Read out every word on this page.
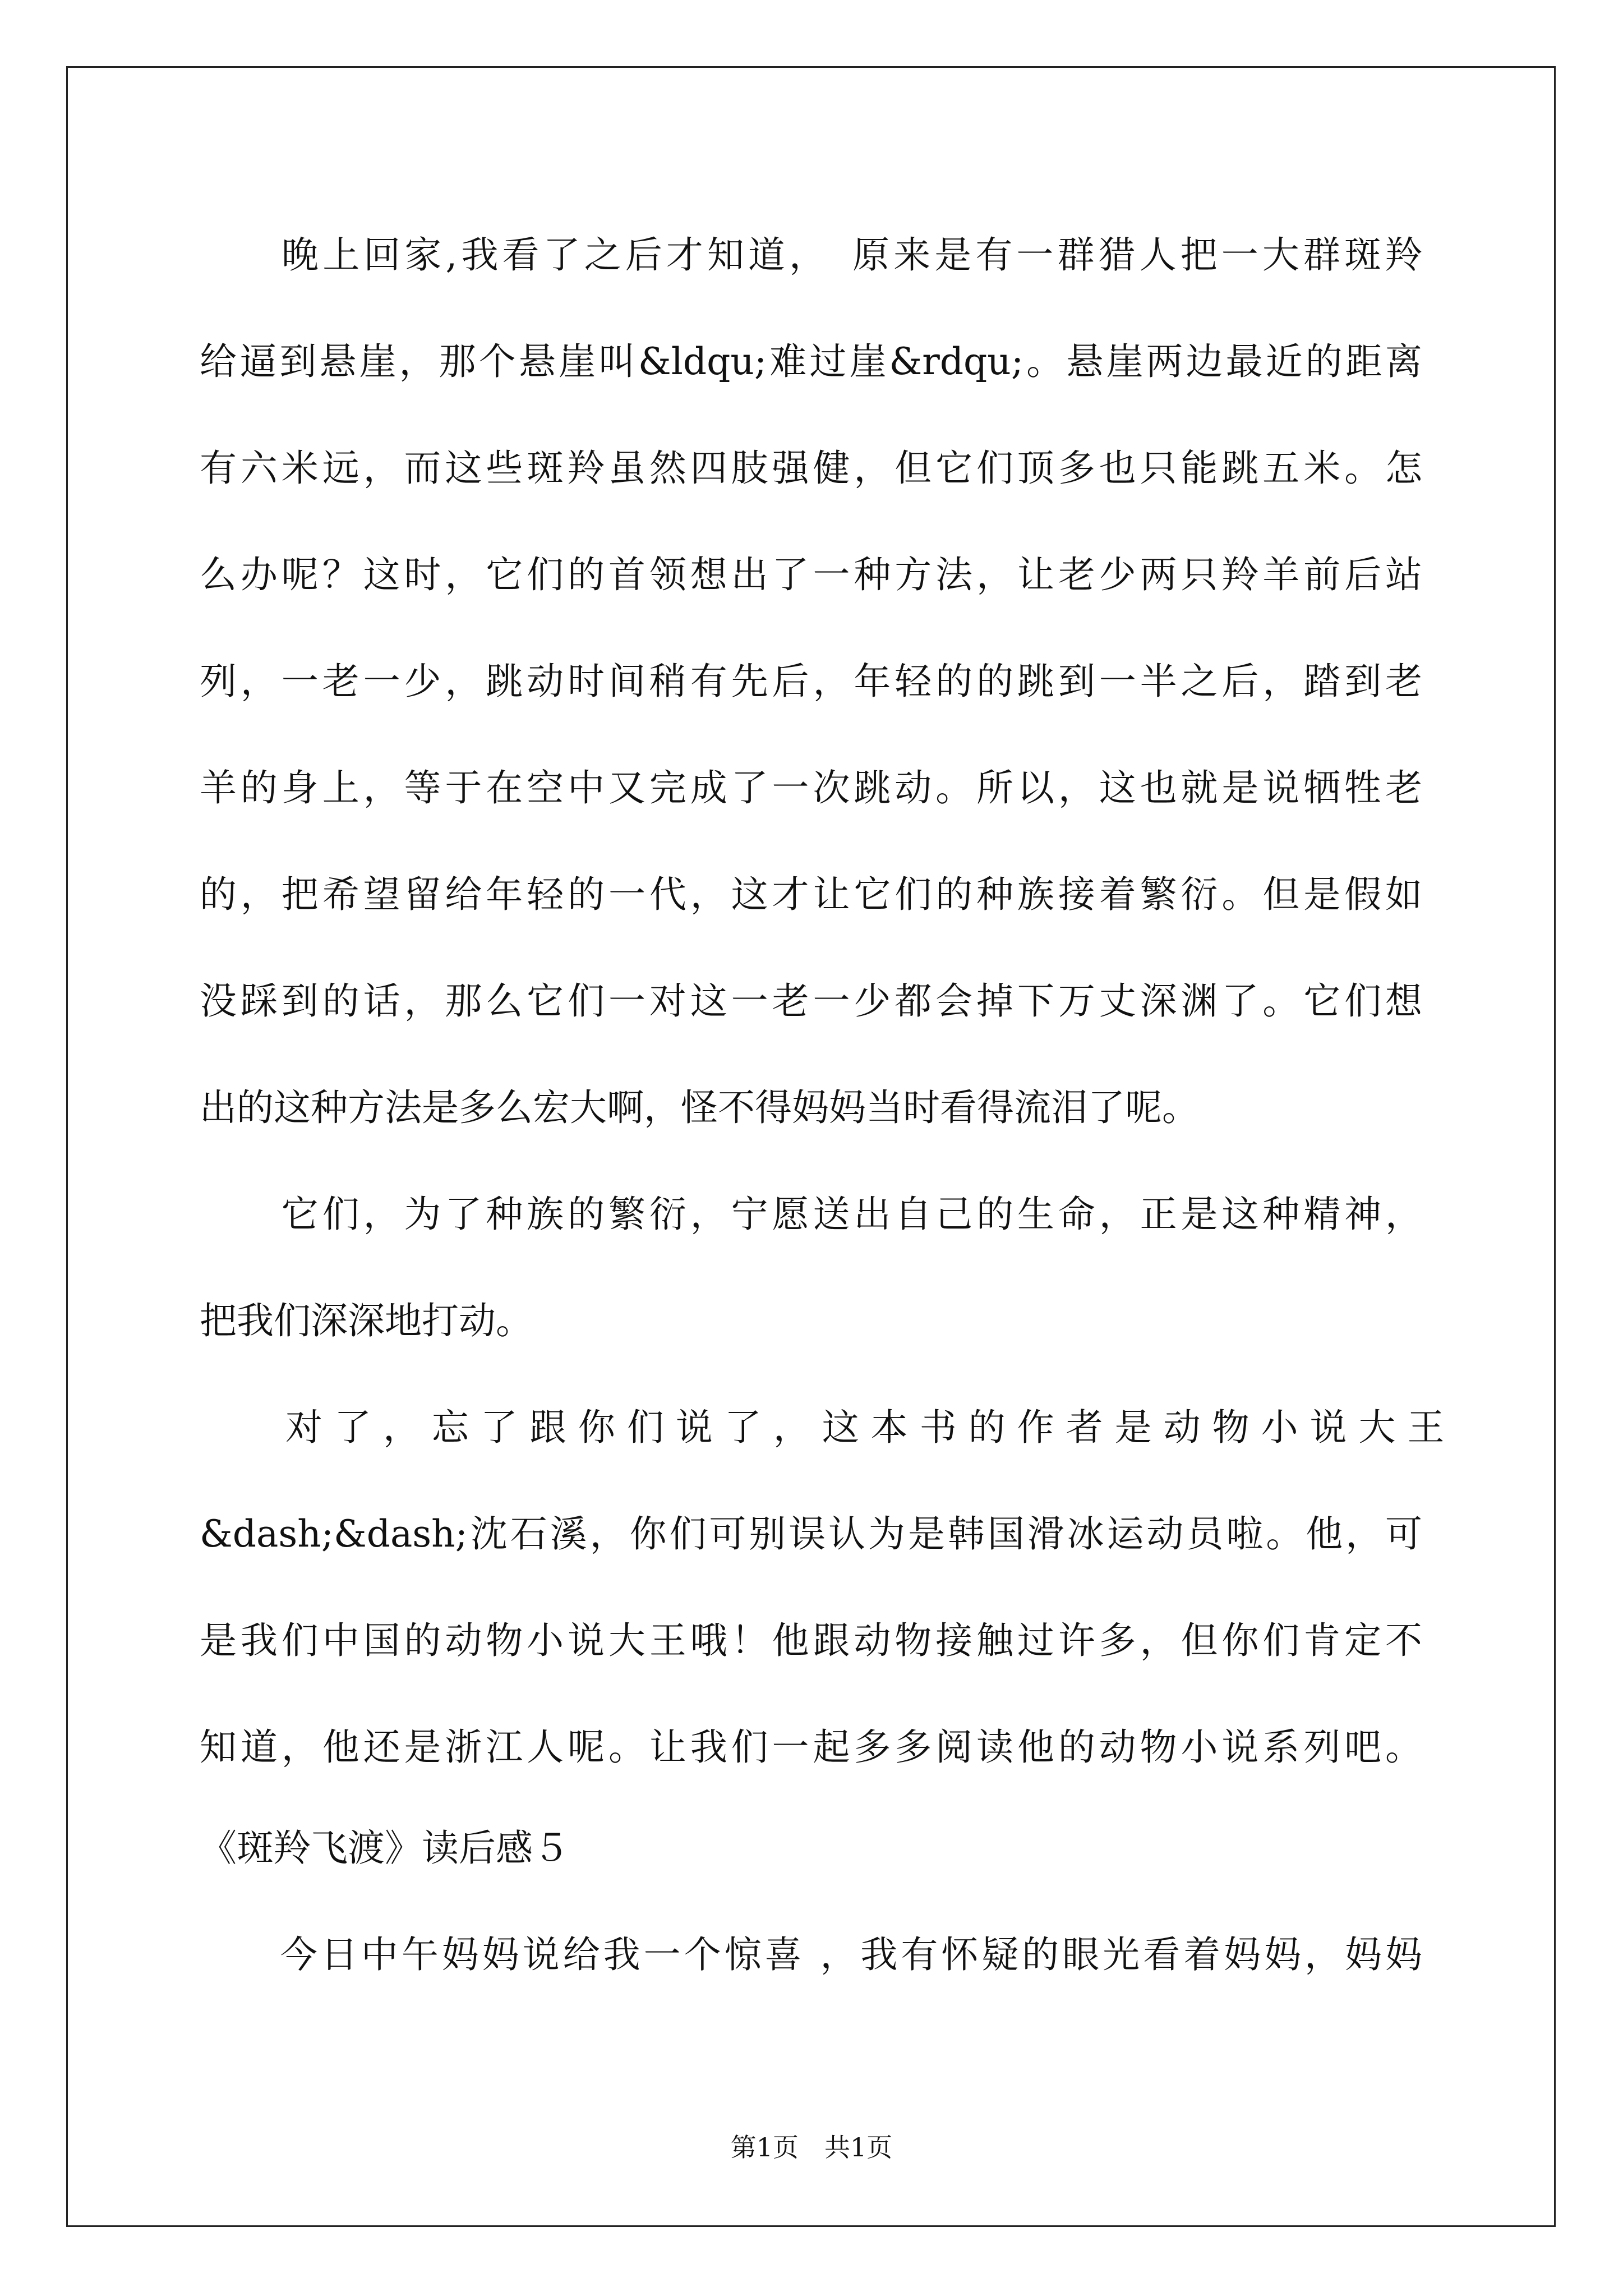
　　晚上回家,我看了之后才知道，　原来是有一群猎人把一大群斑羚
给逼到悬崖，那个悬崖叫&ldqu;难过崖&rdqu;。悬崖两边最近的距离
有六米远，而这些斑羚虽然四肢强健，但它们顶多也只能跳五米。怎
么办呢？这时，它们的首领想出了一种方法，让老少两只羚羊前后站
列，一老一少，跳动时间稍有先后，年轻的的跳到一半之后，踏到老
羊的身上，等于在空中又完成了一次跳动。所以，这也就是说牺牲老
的，把希望留给年轻的一代，这才让它们的种族接着繁衍。但是假如
没踩到的话，那么它们一对这一老一少都会掉下万丈深渊了。它们想
出的这种方法是多么宏大啊，怪不得妈妈当时看得流泪了呢。
　　它们，为了种族的繁衍，宁愿送出自己的生命，正是这种精神，
把我们深深地打动。
　　 对 了 ， 忘 了 跟 你 们 说 了 ， 这 本 书 的 作 者 是 动 物 小 说 大 王
&dash;&dash;沈石溪，你们可别误认为是韩国滑冰运动员啦。他，可
是我们中国的动物小说大王哦！他跟动物接触过许多，但你们肯定不
知道，他还是浙江人呢。让我们一起多多阅读他的动物小说系列吧。
《斑羚飞渡》读后感５
　　今日中午妈妈说给我一个惊喜 ，我有怀疑的眼光看着妈妈，妈妈
第1页　共1页
